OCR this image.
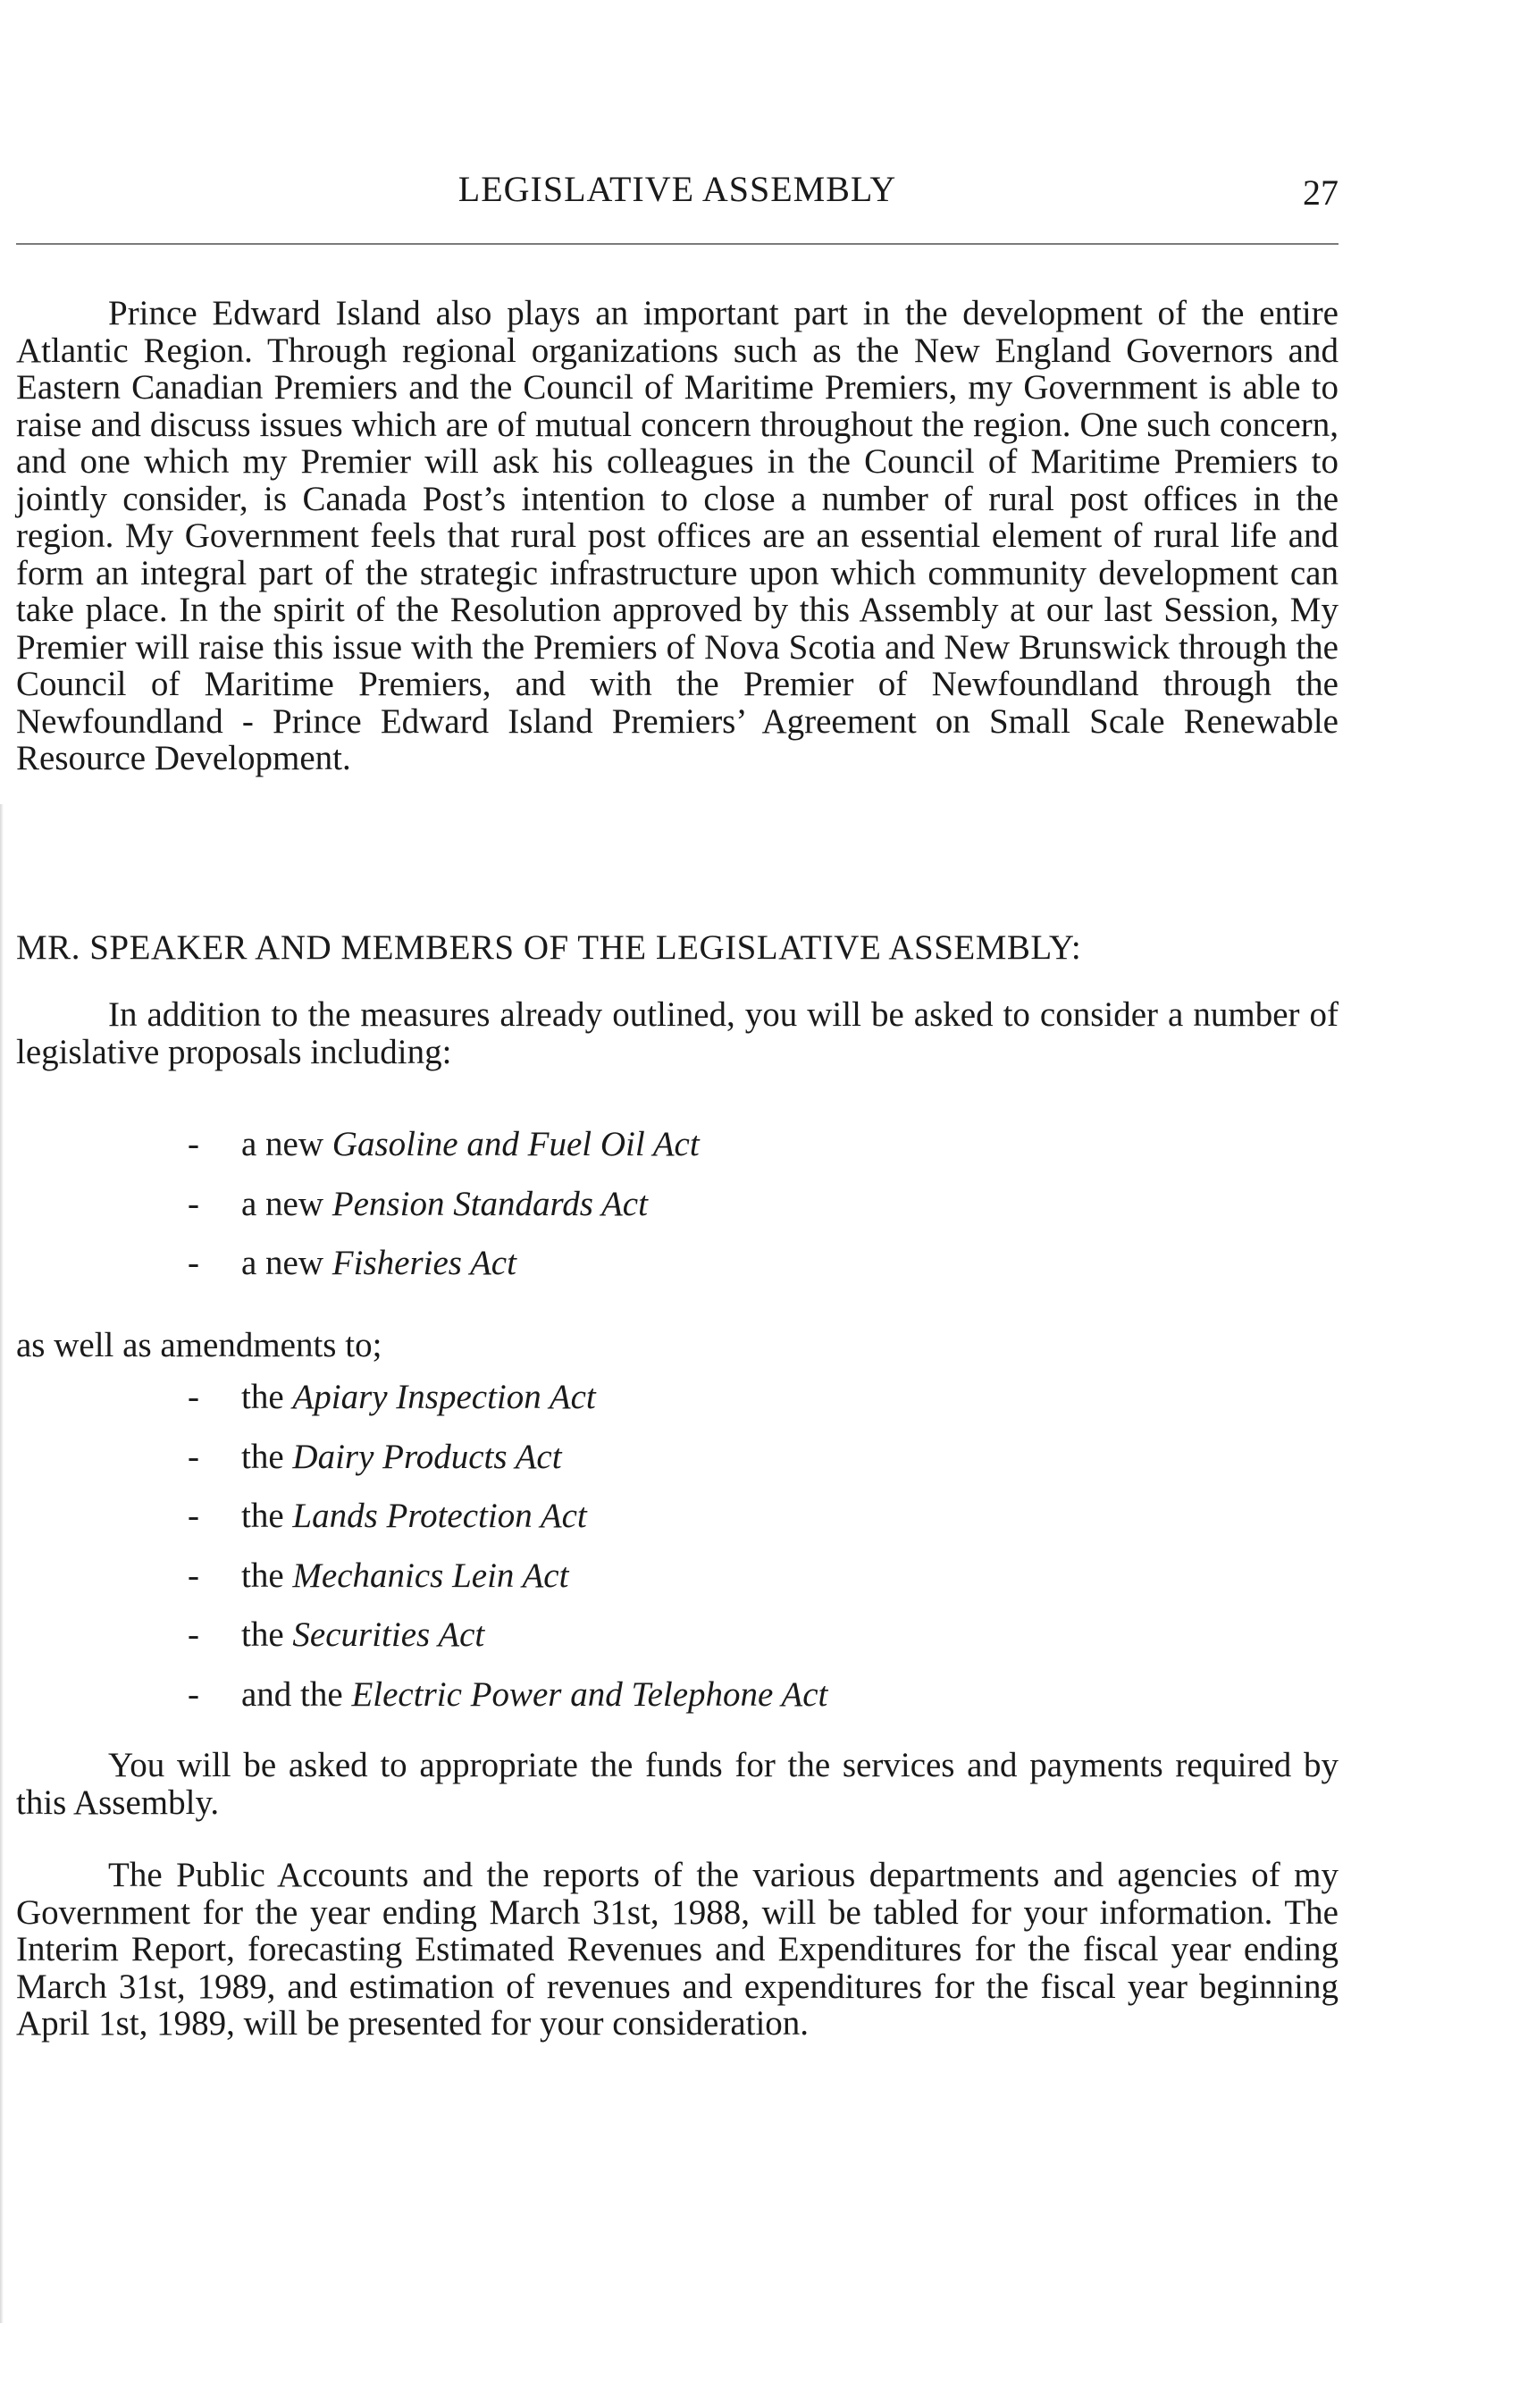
LEGISLATIVE ASSEMBLY	27

Prince Edward Island also plays an important part in the development of the entire Atlantic Region. Through regional organizations such as the New England Governors and Eastern Canadian Premiers and the Council of Maritime Premiers, my Government is able to raise and discuss issues which are of mutual concern throughout the region. One such concern, and one which my Premier will ask his colleagues in the Council of Maritime Premiers to jointly consider, is Canada Post’s intention to close a number of rural post offices in the region. My Government feels that rural post offices are an essential element of rural life and form an integral part of the strategic infrastructure upon which community development can take place. In the spirit of the Resolution approved by this Assembly at our last Session, My Premier will raise this issue with the Premiers of Nova Scotia and New Brunswick through the Council of Maritime Premiers, and with the Premier of Newfoundland through the Newfoundland - Prince Edward Island Premiers’ Agreement on Small Scale Renewable Resource Development.

MR. SPEAKER AND MEMBERS OF THE LEGISLATIVE ASSEMBLY:

In addition to the measures already outlined, you will be asked to consider a number of legislative proposals including:

- a new Gasoline and Fuel Oil Act
- a new Pension Standards Act
- a new Fisheries Act

as well as amendments to;

- the Apiary Inspection Act
- the Dairy Products Act
- the Lands Protection Act
- the Mechanics Lein Act
- the Securities Act
- and the Electric Power and Telephone Act

You will be asked to appropriate the funds for the services and payments required by this Assembly.

The Public Accounts and the reports of the various departments and agencies of my Government for the year ending March 31st, 1988, will be tabled for your information. The Interim Report, forecasting Estimated Revenues and Expenditures for the fiscal year ending March 31st, 1989, and estimation of revenues and expenditures for the fiscal year beginning April 1st, 1989, will be presented for your consideration.
